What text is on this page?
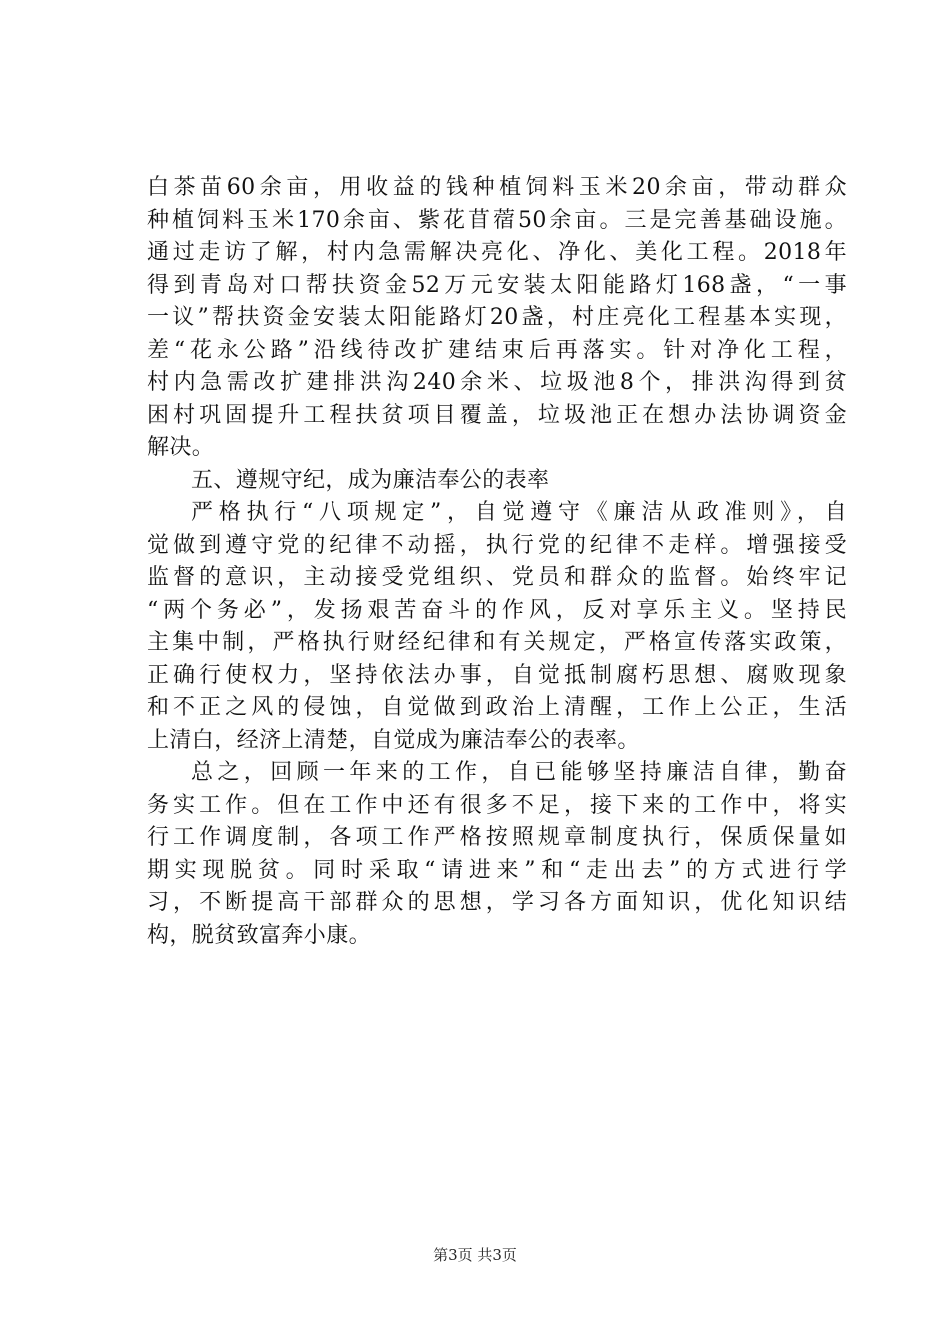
白茶苗60余亩，用收益的钱种植饲料玉米20余亩，带动群众
种植饲料玉米170余亩、紫花苜蓿50余亩。三是完善基础设施。
通过走访了解，村内急需解决亮化、净化、美化工程。2018年
得到青岛对口帮扶资金52万元安装太阳能路灯168盏，“一事
一议”帮扶资金安装太阳能路灯20盏，村庄亮化工程基本实现，
差“花永公路”沿线待改扩建结束后再落实。针对净化工程，
村内急需改扩建排洪沟240余米、垃圾池8个，排洪沟得到贫
困村巩固提升工程扶贫项目覆盖，垃圾池正在想办法协调资金
解决。
五、遵规守纪，成为廉洁奉公的表率
严格执行“八项规定”，自觉遵守《廉洁从政准则》，自
觉做到遵守党的纪律不动摇，执行党的纪律不走样。增强接受
监督的意识，主动接受党组织、党员和群众的监督。始终牢记
“两个务必”，发扬艰苦奋斗的作风，反对享乐主义。坚持民
主集中制，严格执行财经纪律和有关规定，严格宣传落实政策，
正确行使权力，坚持依法办事，自觉抵制腐朽思想、腐败现象
和不正之风的侵蚀，自觉做到政治上清醒，工作上公正，生活
上清白，经济上清楚，自觉成为廉洁奉公的表率。
总之，回顾一年来的工作，自已能够坚持廉洁自律，勤奋
务实工作。但在工作中还有很多不足，接下来的工作中，将实
行工作调度制，各项工作严格按照规章制度执行，保质保量如
期实现脱贫。同时采取“请进来”和“走出去”的方式进行学
习，不断提高干部群众的思想，学习各方面知识，优化知识结
构，脱贫致富奔小康。
第3页 共3页
